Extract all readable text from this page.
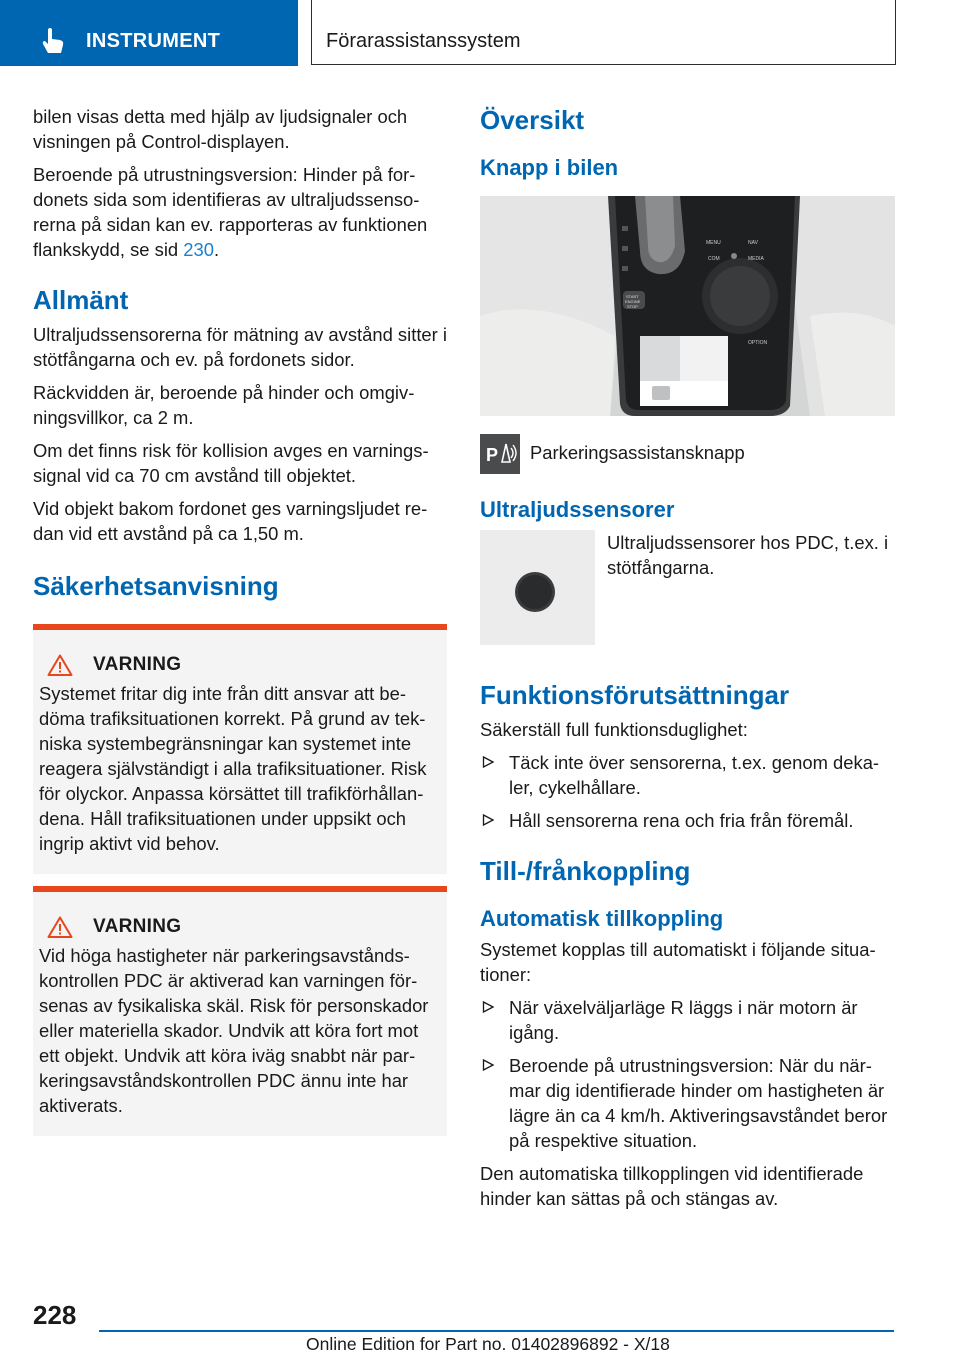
INSTRUMENT	Förarassistanssystem

bilen visas detta med hjälp av ljudsignaler och visningen på Control-displayen.

Beroende på utrustningsversion: Hinder på fordonets sida som identifieras av ultraljudssensorerna på sidan kan ev. rapporteras av funktionen flankskydd, se sid 230.

Allmänt

Ultraljudssensorerna för mätning av avstånd sitter i stötfångarna och ev. på fordonets sidor.

Räckvidden är, beroende på hinder och omgivningsvillkor, ca 2 m.

Om det finns risk för kollision avges en varningssignal vid ca 70 cm avstånd till objektet.

Vid objekt bakom fordonet ges varningsljudet redan vid ett avstånd på ca 1,50 m.

Säkerhetsanvisning
VARNING

Systemet fritar dig inte från ditt ansvar att bedöma trafiksituationen korrekt. På grund av tekniska systembegränsningar kan systemet inte reagera självständigt i alla trafiksituationer. Risk för olyckor. Anpassa körsättet till trafikförhållandena. Håll trafiksituationen under uppsikt och ingrip aktivt vid behov.

VARNING

Vid höga hastigheter när parkeringsavståndskontrollen PDC är aktiverad kan varningen försenas av fysikaliska skäl. Risk för personskador eller materiella skador. Undvik att köra fort mot ett objekt. Undvik att köra iväg snabbt när parkeringsavståndskontrollen PDC ännu inte har aktiverats.

Översikt
Knapp i bilen
START
ENGINE
STOP
MENU	NAV
COM	MEDIA
OPTION
P Parkeringsassistansknapp
Ultraljudssensorer

Ultraljudssensorer hos PDC, t.ex. i stötfångarna.

Funktionsförutsättningar

Säkerställ full funktionsduglighet:

Täck inte över sensorerna, t.ex. genom dekaler, cykelhållare.
Håll sensorerna rena och fria från föremål.
Till-/frånkoppling
Automatisk tillkoppling

Systemet kopplas till automatiskt i följande situationer:

När växelväljarläge R läggs i när motorn är igång.
Beroende på utrustningsversion: När du närmar dig identifierade hinder om hastigheten är lägre än ca 4 km/h. Aktiveringsavståndet beror på respektive situation.

Den automatiska tillkopplingen vid identifierade hinder kan sättas på och stängas av.

228
Online Edition for Part no. 01402896892 - X/18
